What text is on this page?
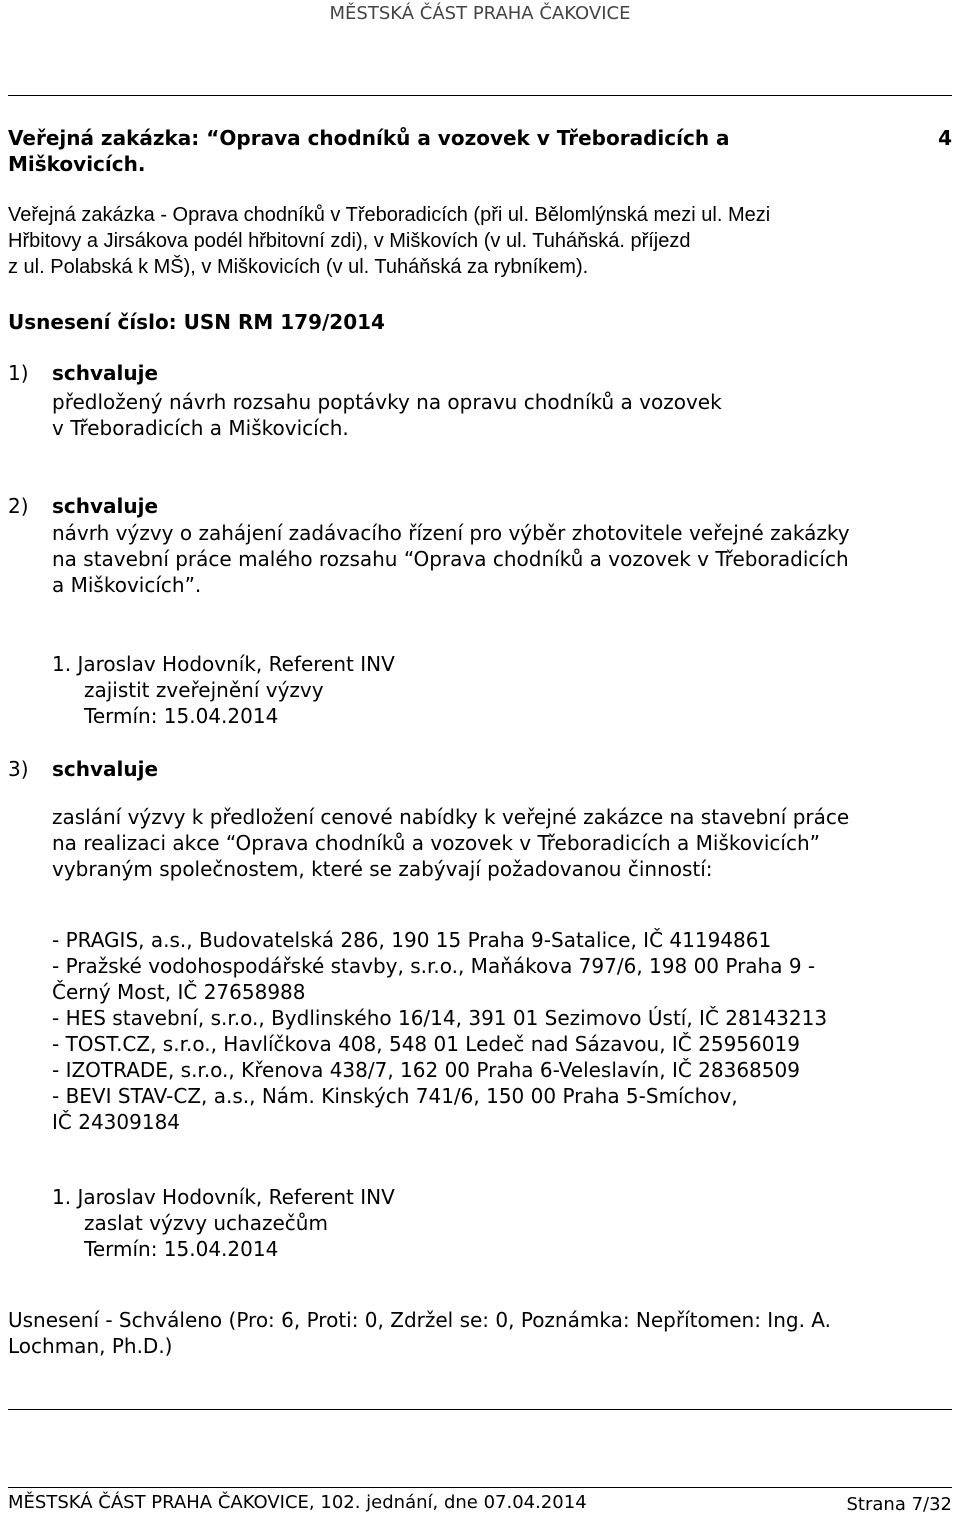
MĚSTSKÁ ČÁST PRAHA ČAKOVICE
Veřejná zakázka: “Oprava chodníků a vozovek v Třeboradicích a
Miškovicích.
4
Veřejná zakázka - Oprava chodníků v Třeboradicích (při ul. Bělomlýnská mezi ul. Mezi
Hřbitovy a Jirsákova podél hřbitovní zdi), v Miškovích (v ul. Tuháňská. příjezd
z ul. Polabská k MŠ), v Miškovicích (v ul. Tuháňská za rybníkem).
Usnesení číslo: USN RM 179/2014
1) schvaluje
předložený návrh rozsahu poptávky na opravu chodníků a vozovek
v Třeboradicích a Miškovicích.
2) schvaluje
návrh výzvy o zahájení zadávacího řízení pro výběr zhotovitele veřejné zakázky
na stavební práce malého rozsahu “Oprava chodníků a vozovek v Třeboradicích
a Miškovicích”.
1. Jaroslav Hodovník, Referent INV
zajistit zveřejnění výzvy
Termín: 15.04.2014
3) schvaluje
zaslání výzvy k předložení cenové nabídky k veřejné zakázce na stavební práce
na realizaci akce “Oprava chodníků a vozovek v Třeboradicích a Miškovicích”
vybraným společnostem, které se zabývají požadovanou činností:
- PRAGIS, a.s., Budovatelská 286, 190 15 Praha 9-Satalice, IČ 41194861
- Pražské vodohospodářské stavby, s.r.o., Maňákova 797/6, 198 00 Praha 9 -
Černý Most, IČ 27658988
- HES stavební, s.r.o., Bydlinského 16/14, 391 01 Sezimovo Ústí, IČ 28143213
- TOST.CZ, s.r.o., Havlíčkova 408, 548 01 Ledeč nad Sázavou, IČ 25956019
- IZOTRADE, s.r.o., Křenova 438/7, 162 00 Praha 6-Veleslavín, IČ 28368509
- BEVI STAV-CZ, a.s., Nám. Kinských 741/6, 150 00 Praha 5-Smíchov,
IČ 24309184
1. Jaroslav Hodovník, Referent INV
zaslat výzvy uchazečům
Termín: 15.04.2014
Usnesení - Schváleno (Pro: 6, Proti: 0, Zdržel se: 0, Poznámka: Nepřítomen: Ing. A.
Lochman, Ph.D.)
MĚSTSKÁ ČÁST PRAHA ČAKOVICE, 102. jednání, dne 07.04.2014	Strana 7/32
